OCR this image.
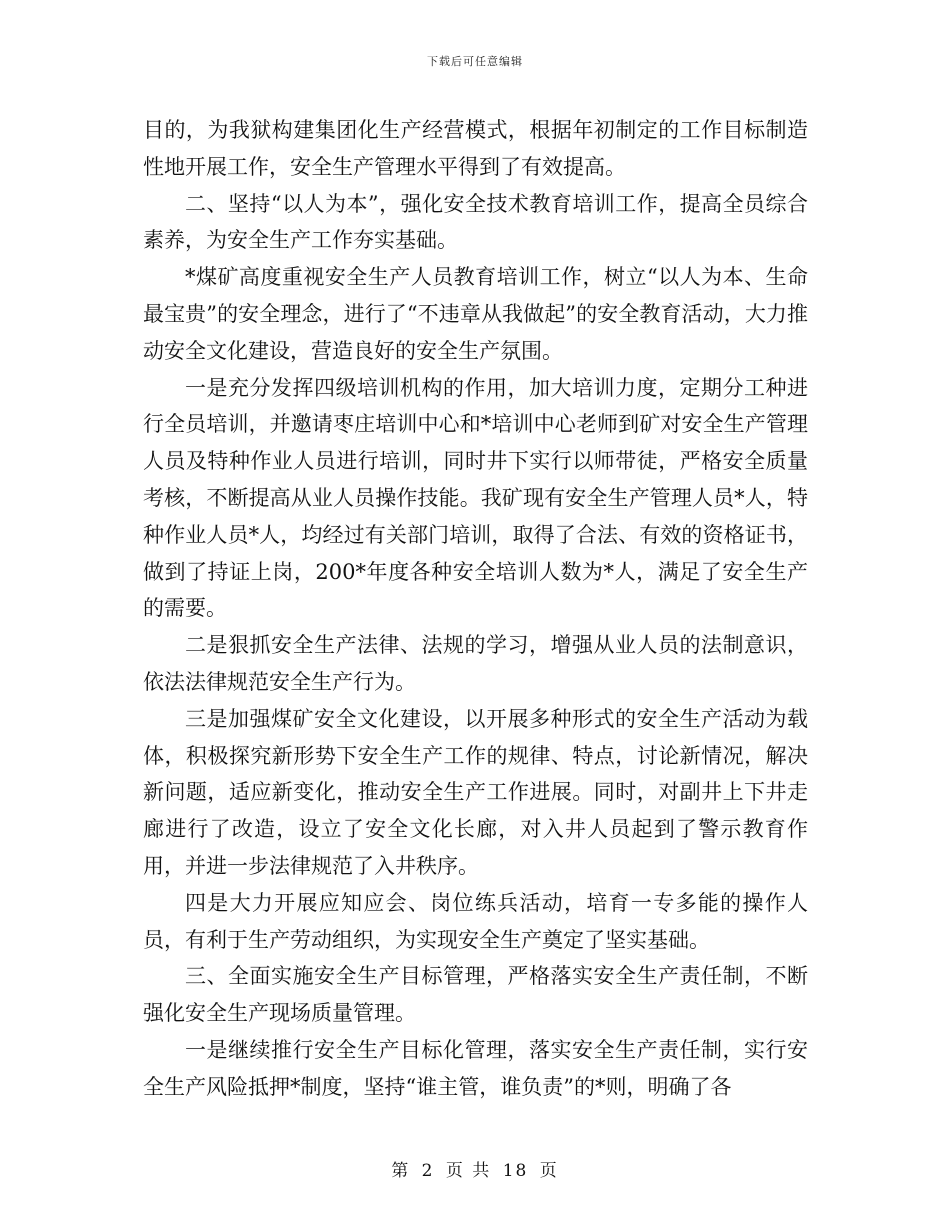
下载后可任意编辑

目的，为我狱构建集团化生产经营模式，根据年初制定的工作目标制造性地开展工作，安全生产管理水平得到了有效提高。

二、坚持“以人为本”，强化安全技术教育培训工作，提高全员综合素养，为安全生产工作夯实基础。

*煤矿高度重视安全生产人员教育培训工作，树立“以人为本、生命最宝贵”的安全理念，进行了“不违章从我做起”的安全教育活动，大力推动安全文化建设，营造良好的安全生产氛围。

一是充分发挥四级培训机构的作用，加大培训力度，定期分工种进行全员培训，并邀请枣庄培训中心和*培训中心老师到矿对安全生产管理人员及特种作业人员进行培训，同时井下实行以师带徒，严格安全质量考核，不断提高从业人员操作技能。我矿现有安全生产管理人员*人，特种作业人员*人，均经过有关部门培训，取得了合法、有效的资格证书，做到了持证上岗，200*年度各种安全培训人数为*人，满足了安全生产的需要。

二是狠抓安全生产法律、法规的学习，增强从业人员的法制意识，依法法律规范安全生产行为。

三是加强煤矿安全文化建设，以开展多种形式的安全生产活动为载体，积极探究新形势下安全生产工作的规律、特点，讨论新情况，解决新问题，适应新变化，推动安全生产工作进展。同时，对副井上下井走廊进行了改造，设立了安全文化长廊，对入井人员起到了警示教育作用，并进一步法律规范了入井秩序。

四是大力开展应知应会、岗位练兵活动，培育一专多能的操作人员，有利于生产劳动组织，为实现安全生产奠定了坚实基础。

三、全面实施安全生产目标管理，严格落实安全生产责任制，不断强化安全生产现场质量管理。

一是继续推行安全生产目标化管理，落实安全生产责任制，实行安全生产风险抵押*制度，坚持“谁主管，谁负责”的*则，明确了各

第 2 页 共 18 页
